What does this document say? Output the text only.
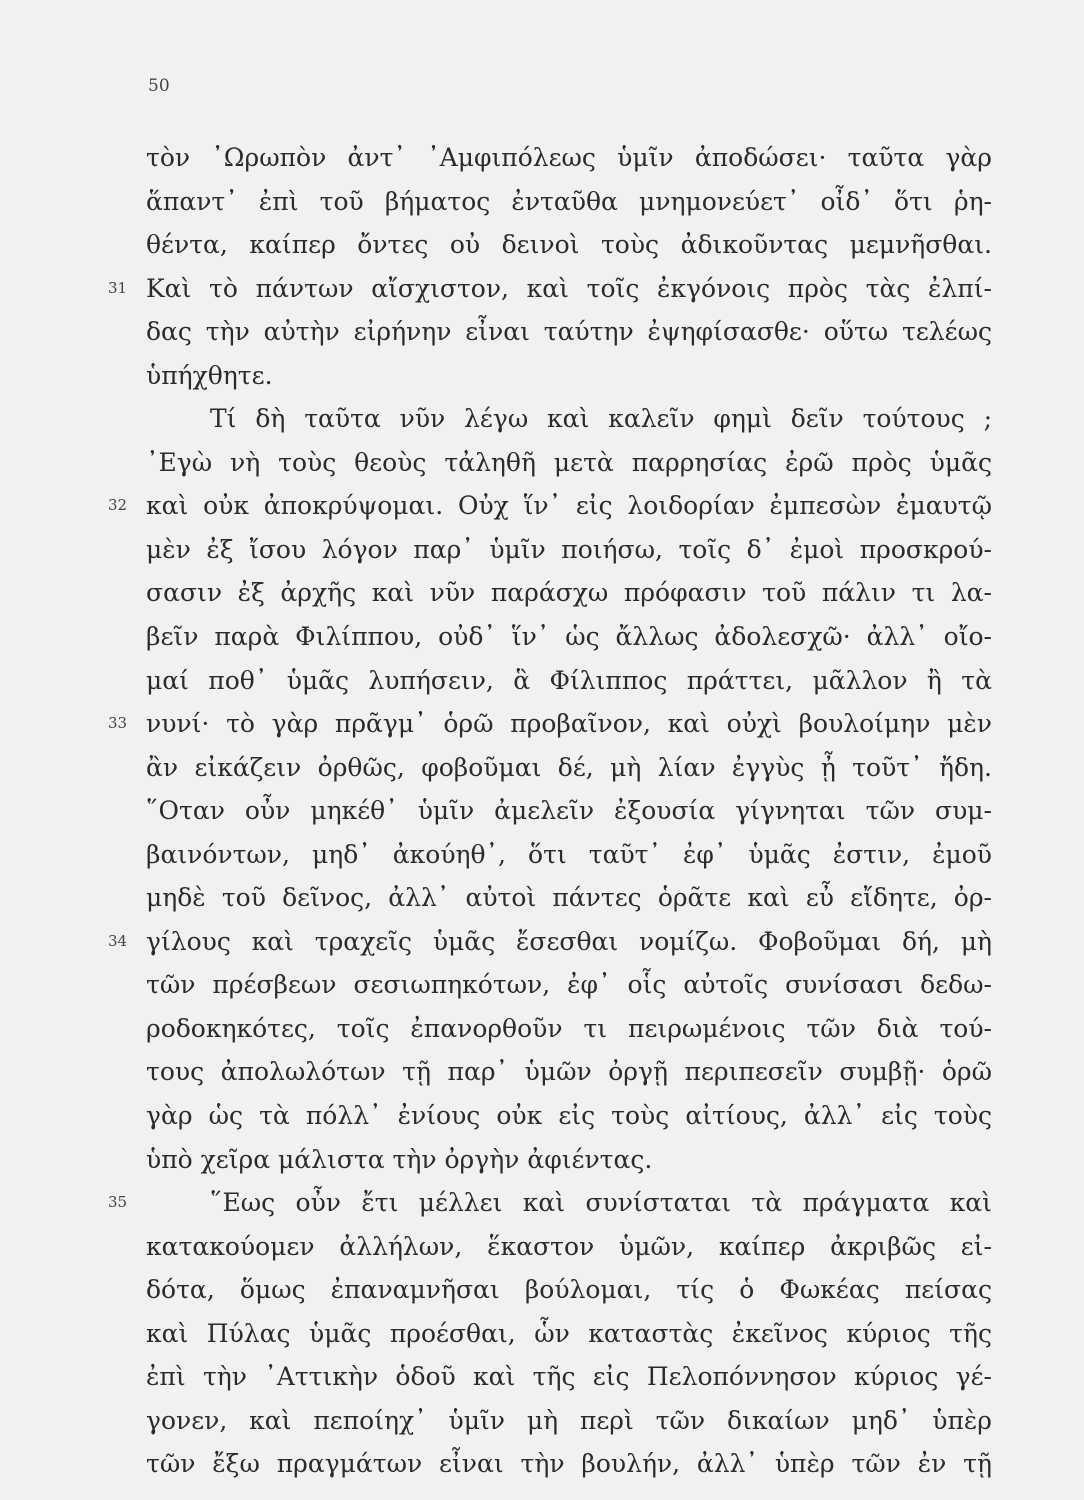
50
τὸν ᾿Ωρωπὸν ἀντ᾿ ᾿Αμφιπόλεως ὑμῖν ἀποδώσει· ταῦτα γὰρ
ἅπαντ᾿ ἐπὶ τοῦ βήματος ἐνταῦθα μνημονεύετ᾿ οἶδ᾿ ὅτι ῥη-
θέντα, καίπερ ὄντες οὐ δεινοὶ τοὺς ἀδικοῦντας μεμνῆσθαι.
31 Καὶ τὸ πάντων αἴσχιστον, καὶ τοῖς ἐκγόνοις πρὸς τὰς ἐλπί-
δας τὴν αὐτὴν εἰρήνην εἶναι ταύτην ἐψηφίσασθε· οὕτω τελέως
ὑπήχθητε.
Τί δὴ ταῦτα νῦν λέγω καὶ καλεῖν φημὶ δεῖν τούτους ;
᾿Εγὼ νὴ τοὺς θεοὺς τἀληθῆ μετὰ παρρησίας ἐρῶ πρὸς ὑμᾶς
32 καὶ οὐκ ἀποκρύψομαι. Οὐχ ἵν᾿ εἰς λοιδορίαν ἐμπεσὼν ἐμαυτῷ
μὲν ἐξ ἴσου λόγον παρ᾿ ὑμῖν ποιήσω, τοῖς δ᾿ ἐμοὶ προσκρού-
σασιν ἐξ ἀρχῆς καὶ νῦν παράσχω πρόφασιν τοῦ πάλιν τι λα-
βεῖν παρὰ Φιλίππου, οὐδ᾿ ἵν᾿ ὡς ἄλλως ἀδολεσχῶ· ἀλλ᾿ οἴο-
μαί ποθ᾿ ὑμᾶς λυπήσειν, ἃ Φίλιππος πράττει, μᾶλλον ἢ τὰ
33 νυνί· τὸ γὰρ πρᾶγμ᾿ ὁρῶ προβαῖνον, καὶ οὐχὶ βουλοίμην μὲν
ἂν εἰκάζειν ὀρθῶς, φοβοῦμαι δέ, μὴ λίαν ἐγγὺς ᾖ τοῦτ᾿ ἤδη.
῞Οταν οὖν μηκέθ᾿ ὑμῖν ἀμελεῖν ἐξουσία γίγνηται τῶν συμ-
βαινόντων, μηδ᾿ ἀκούηθ᾿, ὅτι ταῦτ᾿ ἐφ᾿ ὑμᾶς ἐστιν, ἐμοῦ
μηδὲ τοῦ δεῖνος, ἀλλ᾿ αὐτοὶ πάντες ὁρᾶτε καὶ εὖ εἴδητε, ὀρ-
34 γίλους καὶ τραχεῖς ὑμᾶς ἔσεσθαι νομίζω. Φοβοῦμαι δή, μὴ
τῶν πρέσβεων σεσιωπηκότων, ἐφ᾿ οἷς αὐτοῖς συνίσασι δεδω-
ροδοκηκότες, τοῖς ἐπανορθοῦν τι πειρωμένοις τῶν διὰ τού-
τους ἀπολωλότων τῇ παρ᾿ ὑμῶν ὀργῇ περιπεσεῖν συμβῇ· ὁρῶ
γὰρ ὡς τὰ πόλλ᾿ ἐνίους οὐκ εἰς τοὺς αἰτίους, ἀλλ᾿ εἰς τοὺς
ὑπὸ χεῖρα μάλιστα τὴν ὀργὴν ἀφιέντας.
35	῞Εως οὖν ἔτι μέλλει καὶ συνίσταται τὰ πράγματα καὶ
κατακούομεν ἀλλήλων, ἕκαστον ὑμῶν, καίπερ ἀκριβῶς εἰ-
δότα, ὅμως ἐπαναμνῆσαι βούλομαι, τίς ὁ Φωκέας πείσας
καὶ Πύλας ὑμᾶς προέσθαι, ὧν καταστὰς ἐκεῖνος κύριος τῆς
ἐπὶ τὴν ᾿Αττικὴν ὁδοῦ καὶ τῆς εἰς Πελοπόννησον κύριος γέ-
γονεν, καὶ πεποίηχ᾿ ὑμῖν μὴ περὶ τῶν δικαίων μηδ᾿ ὑπὲρ
τῶν ἔξω πραγμάτων εἶναι τὴν βουλήν, ἀλλ᾿ ὑπὲρ τῶν ἐν τῇ
